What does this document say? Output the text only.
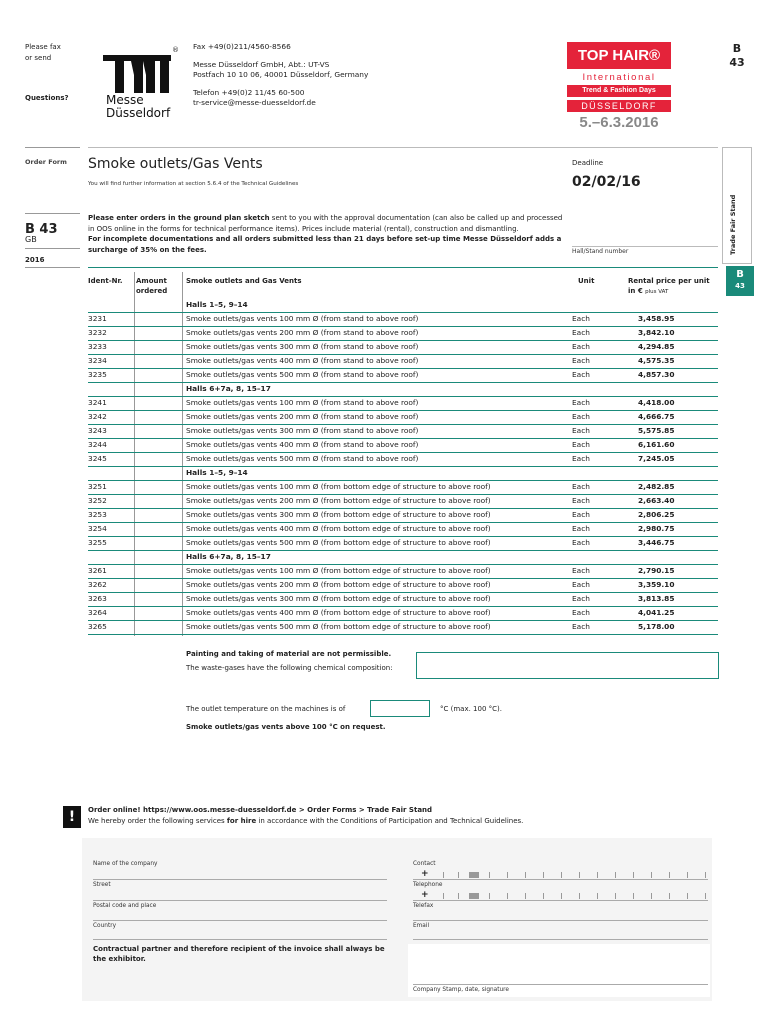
Please fax
or send
Questions?
®
Messe
Düsseldorf
Fax +49(0)211/4560-8566
Messe Düsseldorf GmbH, Abt.: UT-VS
Postfach 10 10 06, 40001 Düsseldorf, Germany
Telefon +49(0)2 11/45 60-500
tr-service@messe-duesseldorf.de
TOP HAIR®
International
Trend & Fashion Days
DÜSSELDORF
5.–6.3.2016
B
43
Order Form
B 43
GB
2016
Trade Fair Stand
B
43
Smoke outlets/Gas Vents
You will find further information at section 5.6.4 of the Technical Guidelines
Deadline
02/02/16
Please enter orders in the ground plan sketch sent to you with the approval documentation (can also be called up and processed in OOS online in the forms for technical performance items). Prices include material (rental), construction and dismantling.
For incomplete documentations and all orders submitted less than 21 days before set-up time Messe Düsseldorf adds a surcharge of 35% on the fees.	Hall/Stand number
Ident-Nr. Amount
ordered
Smoke outlets and Gas Vents	Unit	Rental price per unit
in € plus VAT
Halls 1–5, 9–14
3231	Smoke outlets/gas vents 100 mm Ø (from stand to above roof)	Each	3,458.95
3232	Smoke outlets/gas vents 200 mm Ø (from stand to above roof)	Each	3,842.10
3233	Smoke outlets/gas vents 300 mm Ø (from stand to above roof)	Each	4,294.85
3234	Smoke outlets/gas vents 400 mm Ø (from stand to above roof)	Each	4,575.35
3235	Smoke outlets/gas vents 500 mm Ø (from stand to above roof)	Each	4,857.30
Halls 6+7a, 8, 15–17
3241	Smoke outlets/gas vents 100 mm Ø (from stand to above roof)	Each	4,418.00
3242	Smoke outlets/gas vents 200 mm Ø (from stand to above roof)	Each	4,666.75
3243	Smoke outlets/gas vents 300 mm Ø (from stand to above roof)	Each	5,575.85
3244	Smoke outlets/gas vents 400 mm Ø (from stand to above roof)	Each	6,161.60
3245	Smoke outlets/gas vents 500 mm Ø (from stand to above roof)	Each	7,245.05
Halls 1–5, 9–14
3251	Smoke outlets/gas vents 100 mm Ø (from bottom edge of structure to above roof)	Each	2,482.85
3252	Smoke outlets/gas vents 200 mm Ø (from bottom edge of structure to above roof)	Each	2,663.40
3253	Smoke outlets/gas vents 300 mm Ø (from bottom edge of structure to above roof)	Each	2,806.25
3254	Smoke outlets/gas vents 400 mm Ø (from bottom edge of structure to above roof)	Each	2,980.75
3255	Smoke outlets/gas vents 500 mm Ø (from bottom edge of structure to above roof)	Each	3,446.75
Halls 6+7a, 8, 15–17
3261	Smoke outlets/gas vents 100 mm Ø (from bottom edge of structure to above roof)	Each	2,790.15
3262	Smoke outlets/gas vents 200 mm Ø (from bottom edge of structure to above roof)	Each	3,359.10
3263	Smoke outlets/gas vents 300 mm Ø (from bottom edge of structure to above roof)	Each	3,813.85
3264	Smoke outlets/gas vents 400 mm Ø (from bottom edge of structure to above roof)	Each	4,041.25
3265	Smoke outlets/gas vents 500 mm Ø (from bottom edge of structure to above roof)	Each	5,178.00
Painting and taking of material are not permissible.
The waste-gases have the following chemical composition:
The outlet temperature on the machines is of	°C (max. 100 °C).
Smoke outlets/gas vents above 100 °C on request.
!	Order online! https://www.oos.messe-duesseldorf.de > Order Forms > Trade Fair Stand
We hereby order the following services for hire in accordance with the Conditions of Participation and Technical Guidelines.
Name of the company
Street
Postal code and place
Country
Contact
+
Telephone
+
Telefax
Email
Contractual partner and therefore recipient of the invoice shall always be the exhibitor.
Company Stamp, date, signature
